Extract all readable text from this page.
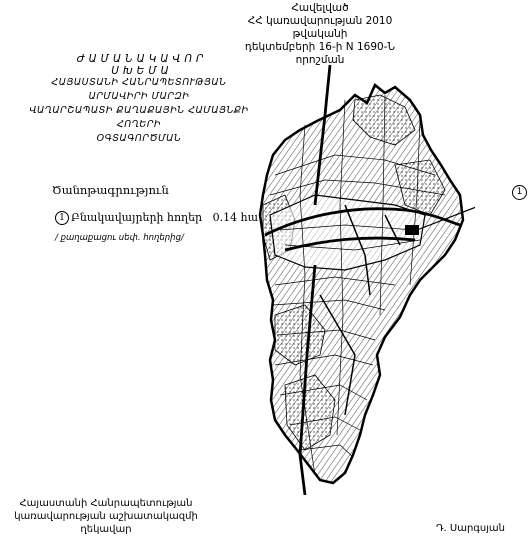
Հավելված
ՀՀ կառավարության 2010 թվականի
դեկտեմբերի 16-ի N 1690-Ն որոշման
ԺԱՄԱՆԱԿԱՎՈՐ ՍԽԵՄԱ
ՀԱՅԱՍՏԱՆԻ ՀԱՆՐԱՊԵՏՈՒԹՅԱՆ ԱՐՄԱՎԻՐԻ ՄԱՐԶԻ
ՎԱՂԱՐՇԱՊԱՏԻ ՔԱՂԱՔԱՅԻՆ ՀԱՄԱՅՆՔԻ ՀՈՂԵՐԻ
ՕԳՏԱԳՈՐԾՄԱՆ
Ծանոթագրություն
1 Բնակավայրերի հողեր 0.14 հա
/ քաղաքացու սեփ. հողերից/
1
Հայաստանի Հանրապետության
կառավարության աշխատակազմի
ղեկավար	Դ. Սարգսյան
